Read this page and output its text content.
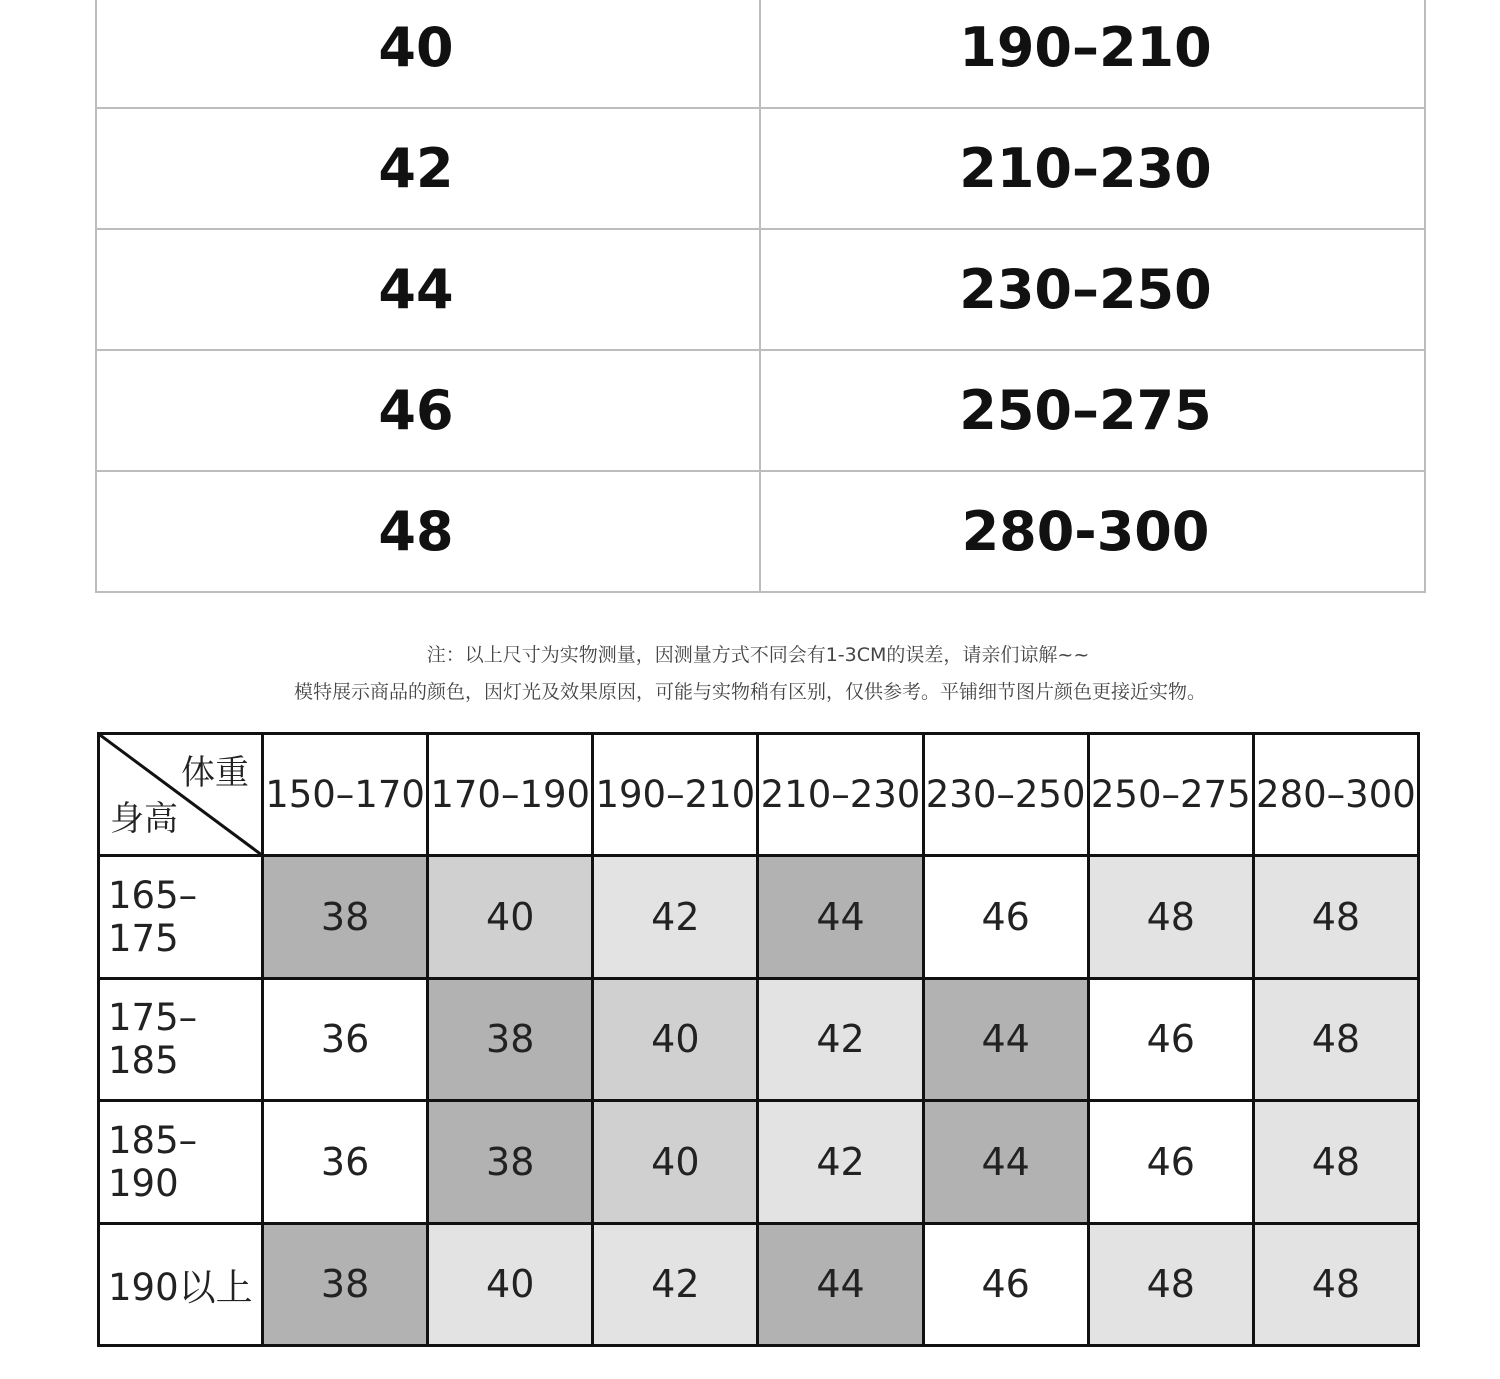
40	190–210
42	210–230
44	230–250
46	250–275
48	280-300
注：以上尺寸为实物测量，因测量方式不同会有1-3CM的误差，请亲们谅解~~
模特展示商品的颜色，因灯光及效果原因，可能与实物稍有区别，仅供参考。平铺细节图片颜色更接近实物。
体重
身高	150–170	170–190	190–210	210–230	230–250	250–275	280–300
165–175	38	40	42	44	46	48	48
175–185	36	38	40	42	44	46	48
185–190	36	38	40	42	44	46	48
190以上	38	40	42	44	46	48	48
